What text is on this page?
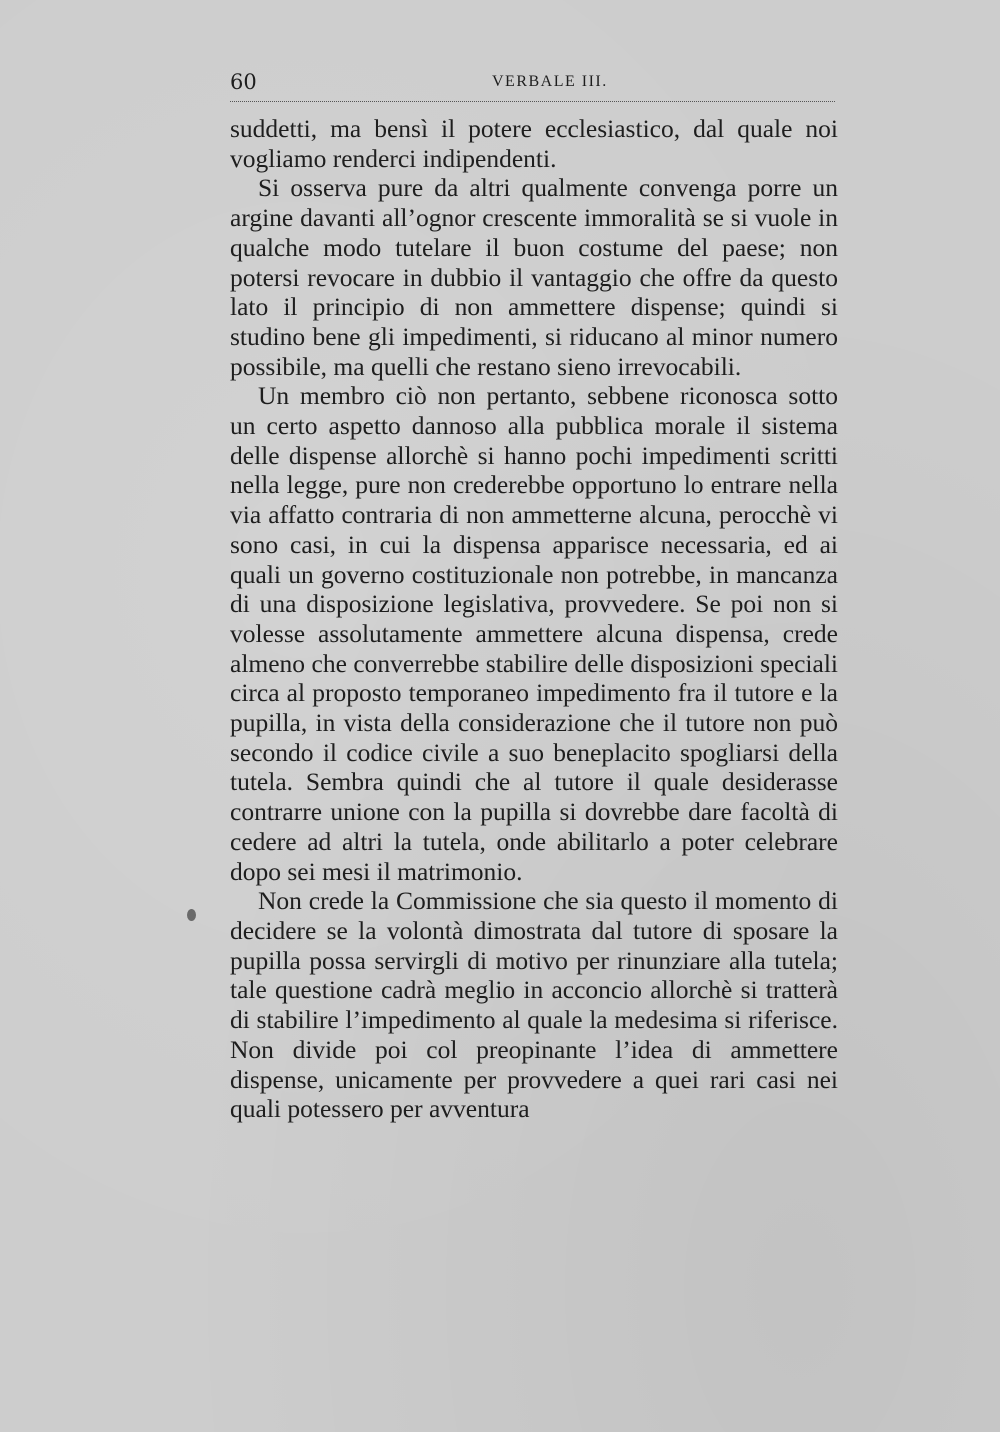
60	VERBALE III.

suddetti, ma bensì il potere ecclesiastico, dal quale noi vogliamo renderci indipendenti.

Si osserva pure da altri qualmente convenga porre un argine davanti all’ognor crescente immoralità se si vuole in qualche modo tutelare il buon costume del paese; non potersi revocare in dubbio il vantaggio che offre da questo lato il principio di non ammettere dispense; quindi si studino bene gli impedimenti, si riducano al minor numero possibile, ma quelli che restano sieno irrevocabili.

Un membro ciò non pertanto, sebbene riconosca sotto un certo aspetto dannoso alla pubblica morale il sistema delle dispense allorchè si hanno pochi impedimenti scritti nella legge, pure non crederebbe opportuno lo entrare nella via affatto contraria di non ammetterne alcuna, perocchè vi sono casi, in cui la dispensa apparisce necessaria, ed ai quali un governo costituzionale non potrebbe, in mancanza di una disposizione legislativa, provvedere. Se poi non si volesse assolutamente ammettere alcuna dispensa, crede almeno che converrebbe stabilire delle disposizioni speciali circa al proposto temporaneo impedimento fra il tutore e la pupilla, in vista della considerazione che il tutore non può secondo il codice civile a suo beneplacito spogliarsi della tutela. Sembra quindi che al tutore il quale desiderasse contrarre unione con la pupilla si dovrebbe dare facoltà di cedere ad altri la tutela, onde abilitarlo a poter celebrare dopo sei mesi il matrimonio.

Non crede la Commissione che sia questo il momento di decidere se la volontà dimostrata dal tutore di sposare la pupilla possa servirgli di motivo per rinunziare alla tutela; tale questione cadrà meglio in acconcio allorchè si tratterà di stabilire l’impedimento al quale la medesima si riferisce. Non divide poi col preopinante l’idea di ammettere dispense, unicamente per provvedere a quei rari casi nei quali potessero per avventura
